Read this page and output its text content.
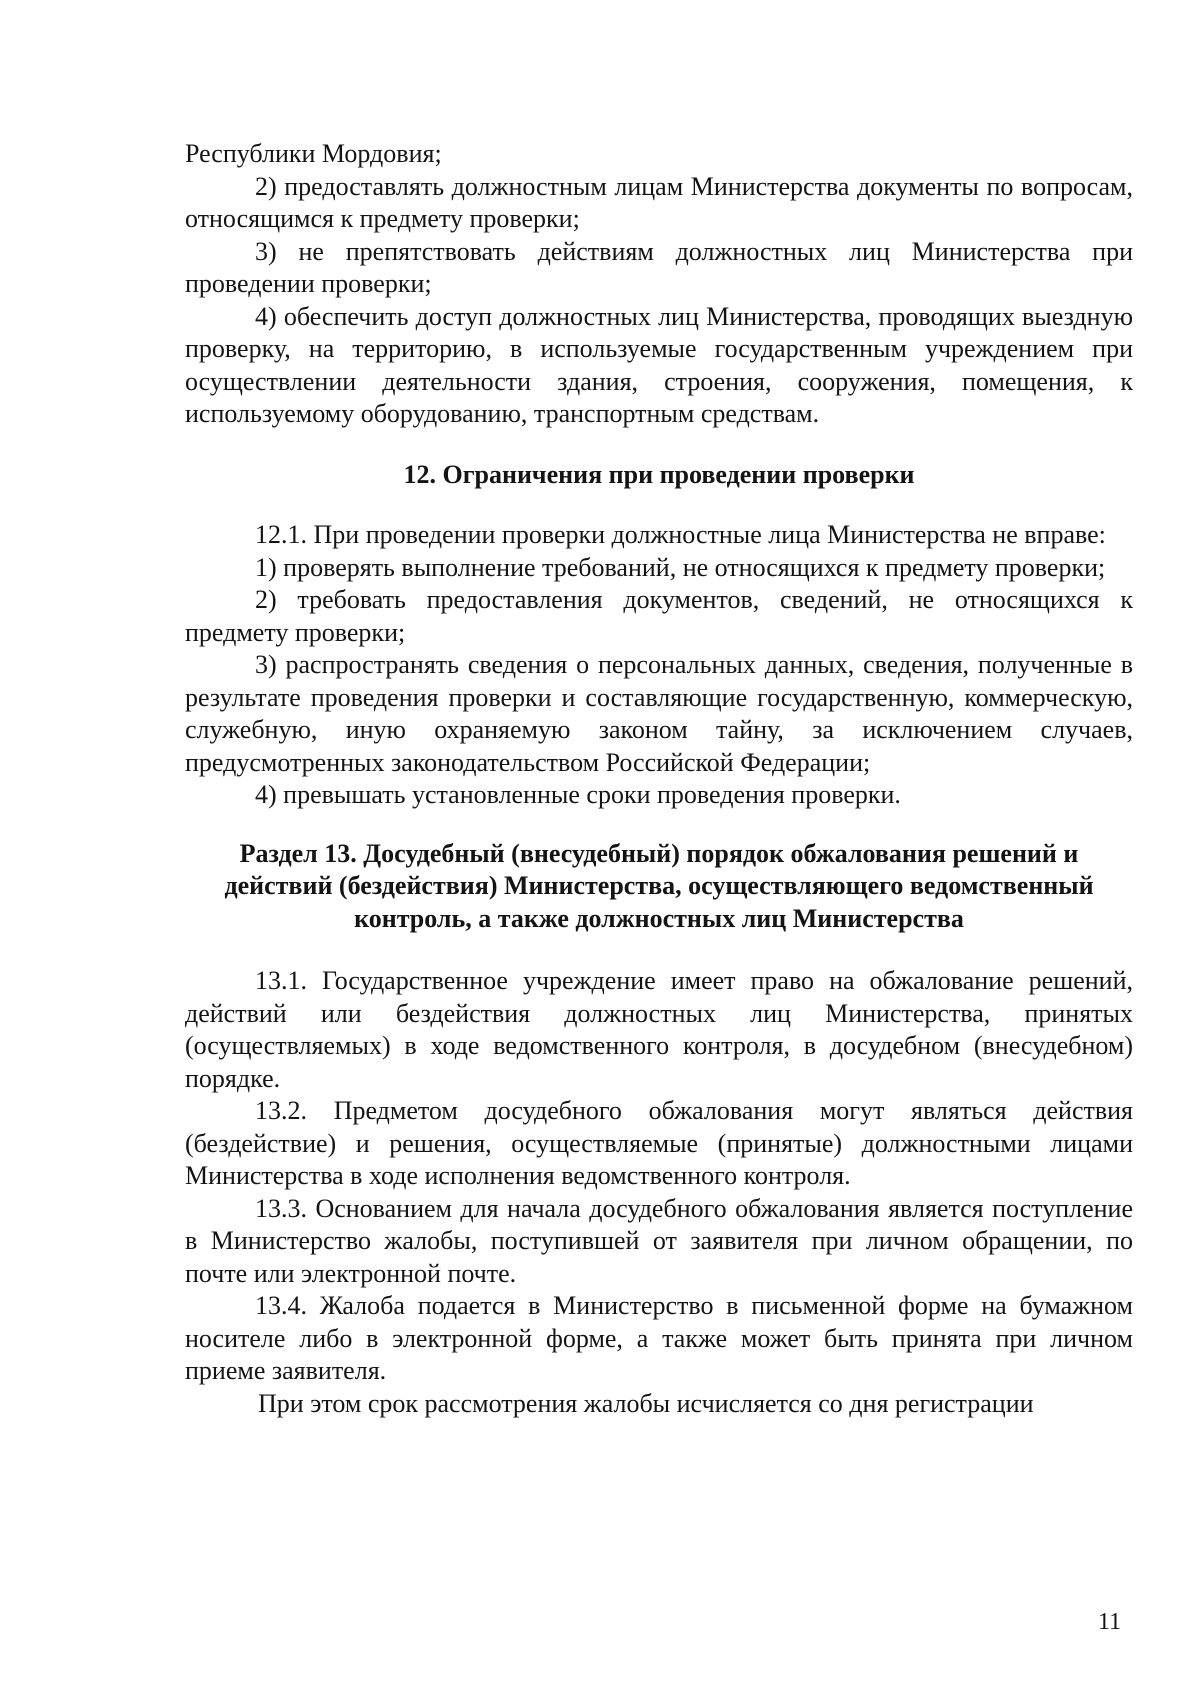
Республики Мордовия;

2) предоставлять должностным лицам Министерства документы по вопросам, относящимся к предмету проверки;

3) не препятствовать действиям должностных лиц Министерства при проведении проверки;

4) обеспечить доступ должностных лиц Министерства, проводящих выездную проверку, на территорию, в используемые государственным учреждением при осуществлении деятельности здания, строения, сооружения, помещения, к используемому оборудованию, транспортным средствам.

12. Ограничения при проведении проверки

12.1. При проведении проверки должностные лица Министерства не вправе:

1) проверять выполнение требований, не относящихся к предмету проверки;

2) требовать предоставления документов, сведений, не относящихся к предмету проверки;

3) распространять сведения о персональных данных, сведения, полученные в результате проведения проверки и составляющие государственную, коммерческую, служебную, иную охраняемую законом тайну, за исключением случаев, предусмотренных законодательством Российской Федерации;

4) превышать установленные сроки проведения проверки.

Раздел 13. Досудебный (внесудебный) порядок обжалования решений и действий (бездействия) Министерства, осуществляющего ведомственный контроль, а также должностных лиц Министерства

13.1. Государственное учреждение имеет право на обжалование решений, действий или бездействия должностных лиц Министерства, принятых (осуществляемых) в ходе ведомственного контроля, в досудебном (внесудебном) порядке.

13.2. Предметом досудебного обжалования могут являться действия (бездействие) и решения, осуществляемые (принятые) должностными лицами Министерства в ходе исполнения ведомственного контроля.

13.3. Основанием для начала досудебного обжалования является поступление в Министерство жалобы, поступившей от заявителя при личном обращении, по почте или электронной почте.

13.4. Жалоба подается в Министерство в письменной форме на бумажном носителе либо в электронной форме, а также может быть принята при личном приеме заявителя.

При этом срок рассмотрения жалобы исчисляется со дня регистрации

11
